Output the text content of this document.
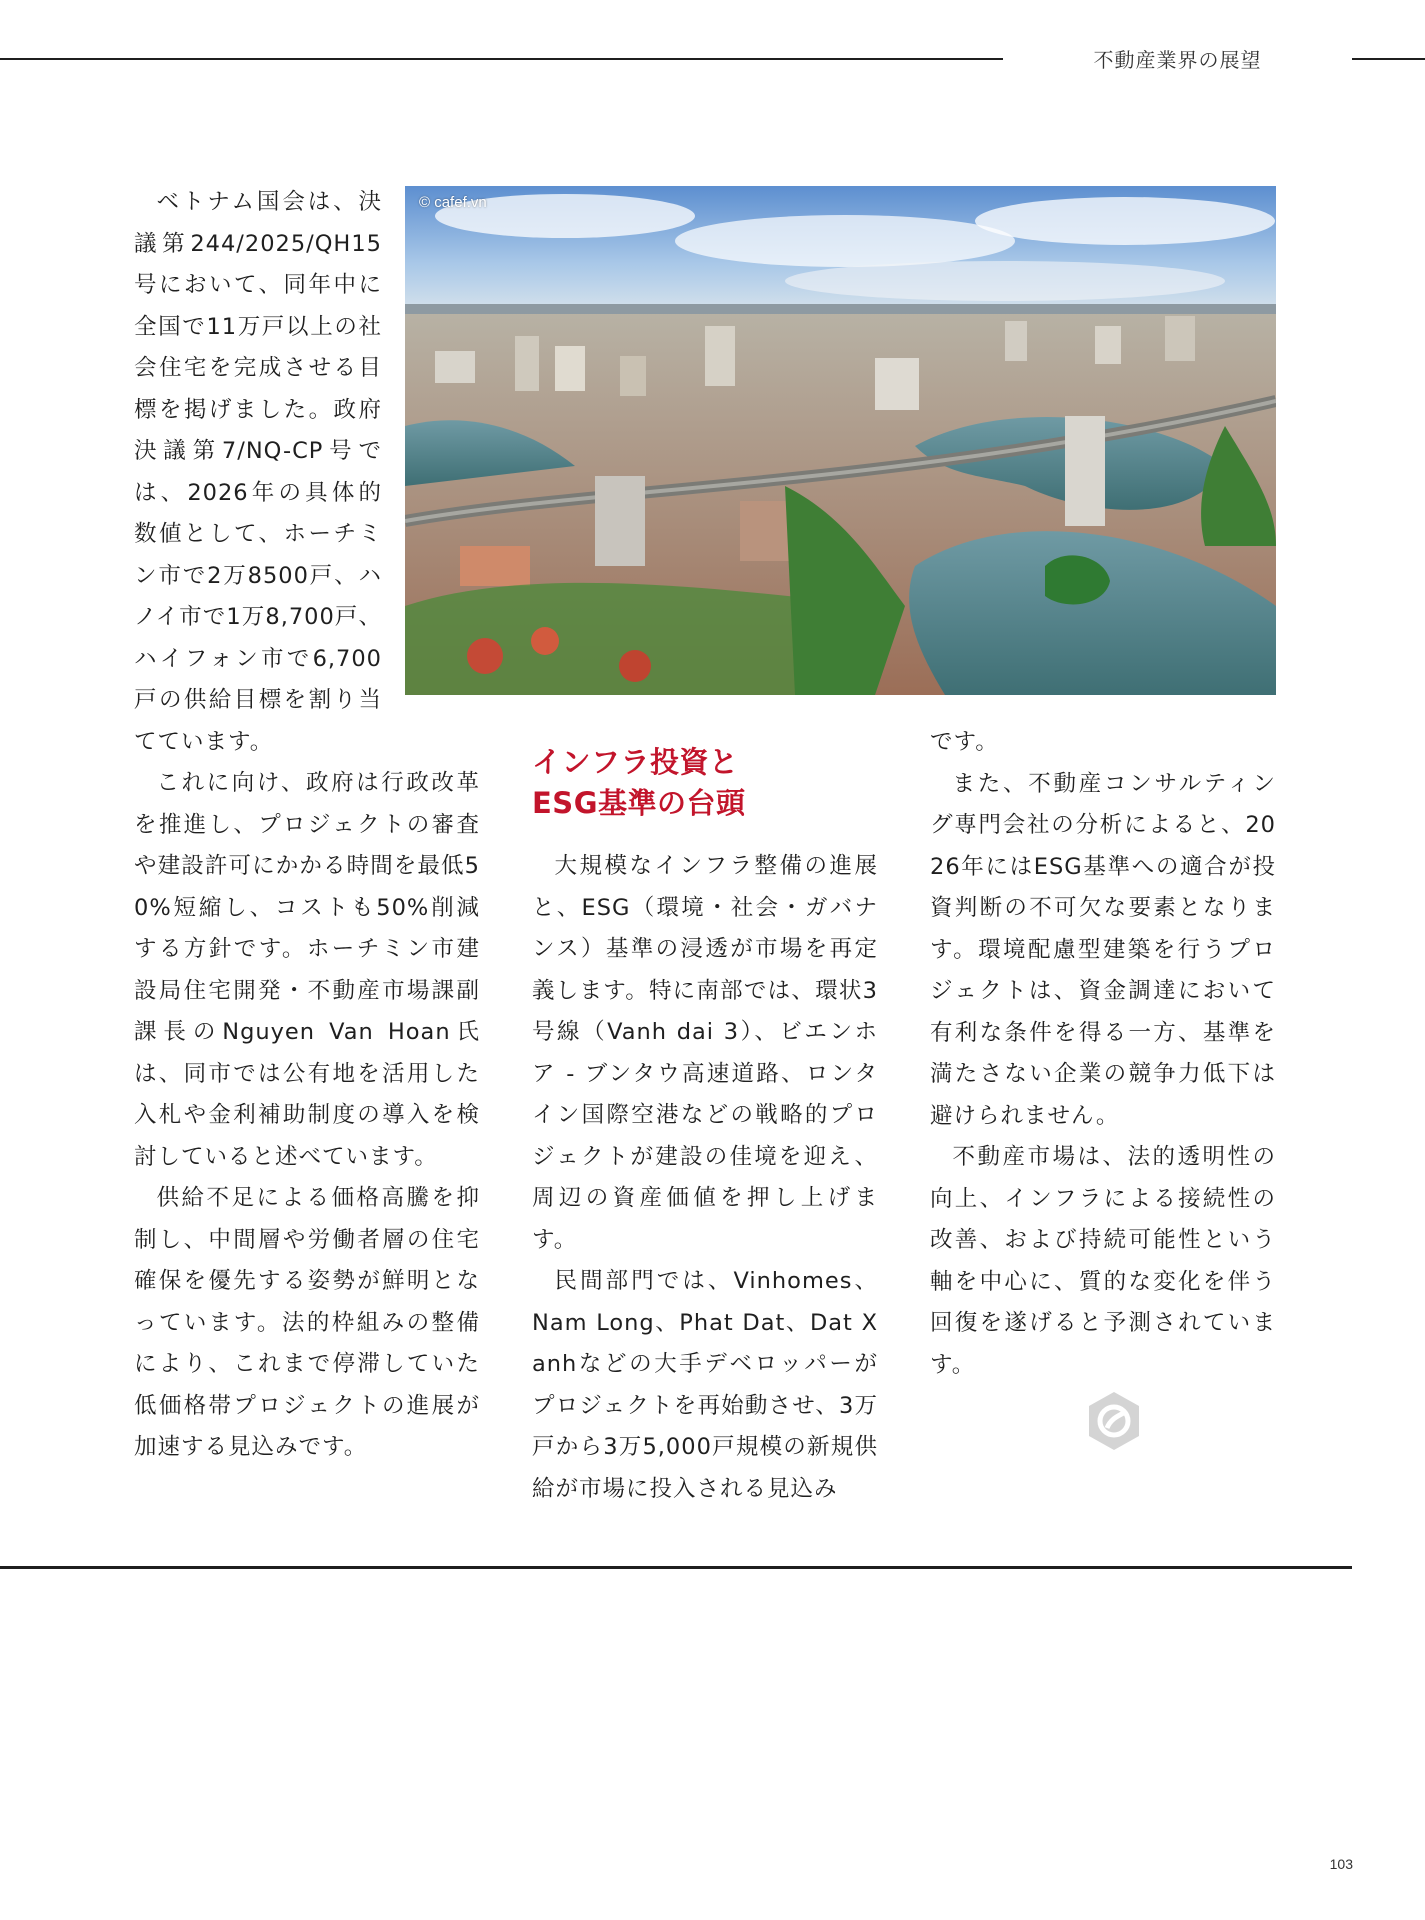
不動産業界の展望
© cafef.vn

ベトナム国会は、決議第244/2025/QH15号において、同年中に全国で11万戸以上の社会住宅を完成させる目標を掲げました。政府決議第7/NQ-CP号では、2026年の具体的数値として、ホーチミン市で2万8500戸、ハノイ市で1万8,700戸、ハイフォン市で6,700戸の供給目標を割り当てています。

これに向け、政府は行政改革を推進し、プロジェクトの審査や建設許可にかかる時間を最低50%短縮し、コストも50%削減する方針です。ホーチミン市建設局住宅開発・不動産市場課副課長のNguyen Van Hoan氏は、同市では公有地を活用した入札や金利補助制度の導入を検討していると述べています。

供給不足による価格高騰を抑制し、中間層や労働者層の住宅確保を優先する姿勢が鮮明となっています。法的枠組みの整備により、これまで停滞していた低価格帯プロジェクトの進展が加速する見込みです。

インフラ投資と
ESG基準の台頭

大規模なインフラ整備の進展と、ESG（環境・社会・ガバナンス）基準の浸透が市場を再定義します。特に南部では、環状3号線（Vanh dai 3）、ビエンホア - ブンタウ高速道路、ロンタイン国際空港などの戦略的プロジェクトが建設の佳境を迎え、周辺の資産価値を押し上げます。

民間部門では、Vinhomes、Nam Long、Phat Dat、Dat Xanhなどの大手デベロッパーがプロジェクトを再始動させ、3万戸から3万5,000戸規模の新規供給が市場に投入される見込み

です。

また、不動産コンサルティング専門会社の分析によると、2026年にはESG基準への適合が投資判断の不可欠な要素となります。環境配慮型建築を行うプロジェクトは、資金調達において有利な条件を得る一方、基準を満たさない企業の競争力低下は避けられません。

不動産市場は、法的透明性の向上、インフラによる接続性の改善、および持続可能性という軸を中心に、質的な変化を伴う回復を遂げると予測されています。

103
